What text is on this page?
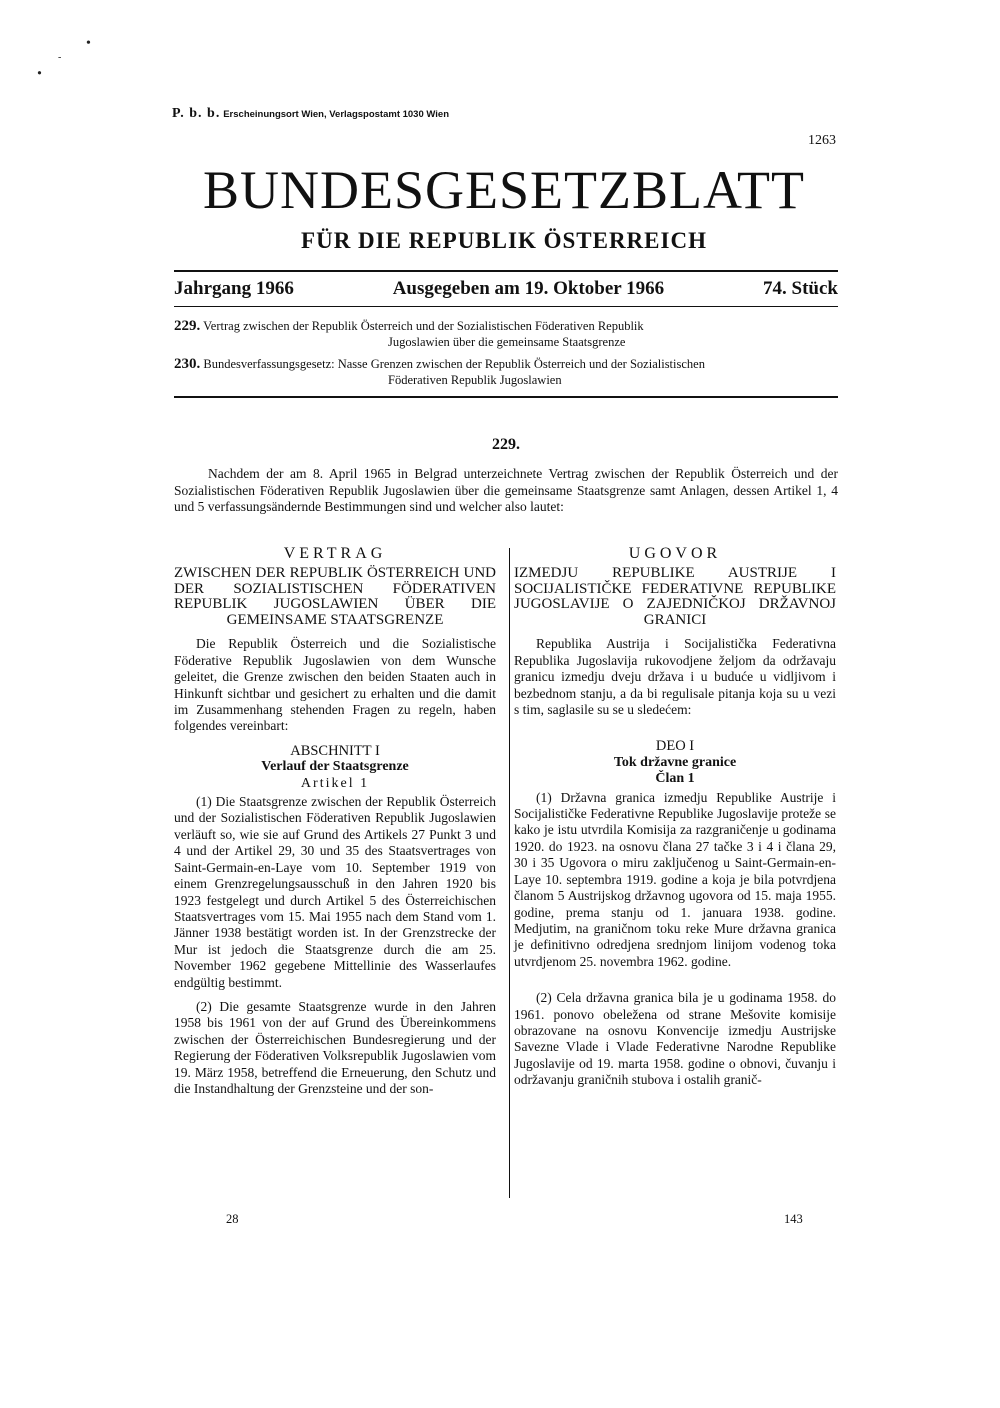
•
•
-
P. b. b. Erscheinungsort Wien, Verlagspostamt 1030 Wien
1263
BUNDESGESETZBLATT
FÜR DIE REPUBLIK ÖSTERREICH
Jahrgang 1966	Ausgegeben am 19. Oktober 1966	74. Stück
229. Vertrag zwischen der Republik Österreich und der Sozialistischen Föderativen Republik
Jugoslawien über die gemeinsame Staatsgrenze
230. Bundesverfassungsgesetz: Nasse Grenzen zwischen der Republik Österreich und der Sozialistischen
Föderativen Republik Jugoslawien
229.
Nachdem der am 8. April 1965 in Belgrad unterzeichnete Vertrag zwischen der Republik Österreich und der Sozialistischen Föderativen Republik Jugoslawien über die gemeinsame Staatsgrenze samt Anlagen, dessen Artikel 1, 4 und 5 verfassungsändernde Bestimmungen sind und welcher also lautet:

VERTRAG

ZWISCHEN DER REPUBLIK ÖSTERREICH UND DER SOZIALISTISCHEN FÖDERATIVEN REPUBLIK JUGOSLAWIEN ÜBER DIE GEMEINSAME STAATSGRENZE

Die Republik Österreich und die Sozialistische Föderative Republik Jugoslawien von dem Wunsche geleitet, die Grenze zwischen den beiden Staaten auch in Hinkunft sichtbar und gesichert zu erhalten und die damit im Zusammenhang stehenden Fragen zu regeln, haben folgendes vereinbart:

ABSCHNITT I

Verlauf der Staatsgrenze

Artikel 1

(1) Die Staatsgrenze zwischen der Republik Österreich und der Sozialistischen Föderativen Republik Jugoslawien verläuft so, wie sie auf Grund des Artikels 27 Punkt 3 und 4 und der Artikel 29, 30 und 35 des Staatsvertrages von Saint-Germain-en-Laye vom 10. September 1919 von einem Grenzregelungsausschuß in den Jahren 1920 bis 1923 festgelegt und durch Artikel 5 des Österreichischen Staatsvertrages vom 15. Mai 1955 nach dem Stand vom 1. Jänner 1938 bestätigt worden ist. In der Grenzstrecke der Mur ist jedoch die Staatsgrenze durch die am 25. November 1962 gegebene Mittellinie des Wasserlaufes endgültig bestimmt.

(2) Die gesamte Staatsgrenze wurde in den Jahren 1958 bis 1961 von der auf Grund des Übereinkommens zwischen der Österreichischen Bundesregierung und der Regierung der Föderativen Volksrepublik Jugoslawien vom 19. März 1958, betreffend die Erneuerung, den Schutz und die Instandhaltung der Grenzsteine und der son-

UGOVOR

IZMEDJU REPUBLIKE AUSTRIJE I SOCIJALISTIČKE FEDERATIVNE REPUBLIKE JUGOSLAVIJE O ZAJEDNIČKOJ DRŽAVNOJ GRANICI

Republika Austrija i Socijalistička Federativna Republika Jugoslavija rukovodjene željom da održavaju granicu izmedju dveju država i u buduće u vidljivom i bezbednom stanju, a da bi regulisale pitanja koja su u vezi s tim, saglasile su se u sledećem:

DEO I

Tok državne granice

Član 1

(1) Državna granica izmedju Republike Austrije i Socijalističke Federativne Republike Jugoslavije proteže se kako je istu utvrdila Komisija za razgraničenje u godinama 1920. do 1923. na osnovu člana 27 tačke 3 i 4 i člana 29, 30 i 35 Ugovora o miru zaključenog u Saint-Germain-en-Laye 10. septembra 1919. godine a koja je bila potvrdjena članom 5 Austrijskog državnog ugovora od 15. maja 1955. godine, prema stanju od 1. januara 1938. godine. Medjutim, na graničnom toku reke Mure državna granica je definitivno odredjena srednjom linijom vodenog toka utvrdjenom 25. novembra 1962. godine.

(2) Cela državna granica bila je u godinama 1958. do 1961. ponovo obeležena od strane Mešovite komisije obrazovane na osnovu Konvencije izmedju Austrijske Savezne Vlade i Vlade Federativne Narodne Republike Jugoslavije od 19. marta 1958. godine o obnovi, čuvanju i održavanju graničnih stubova i ostalih granič-

28	143
